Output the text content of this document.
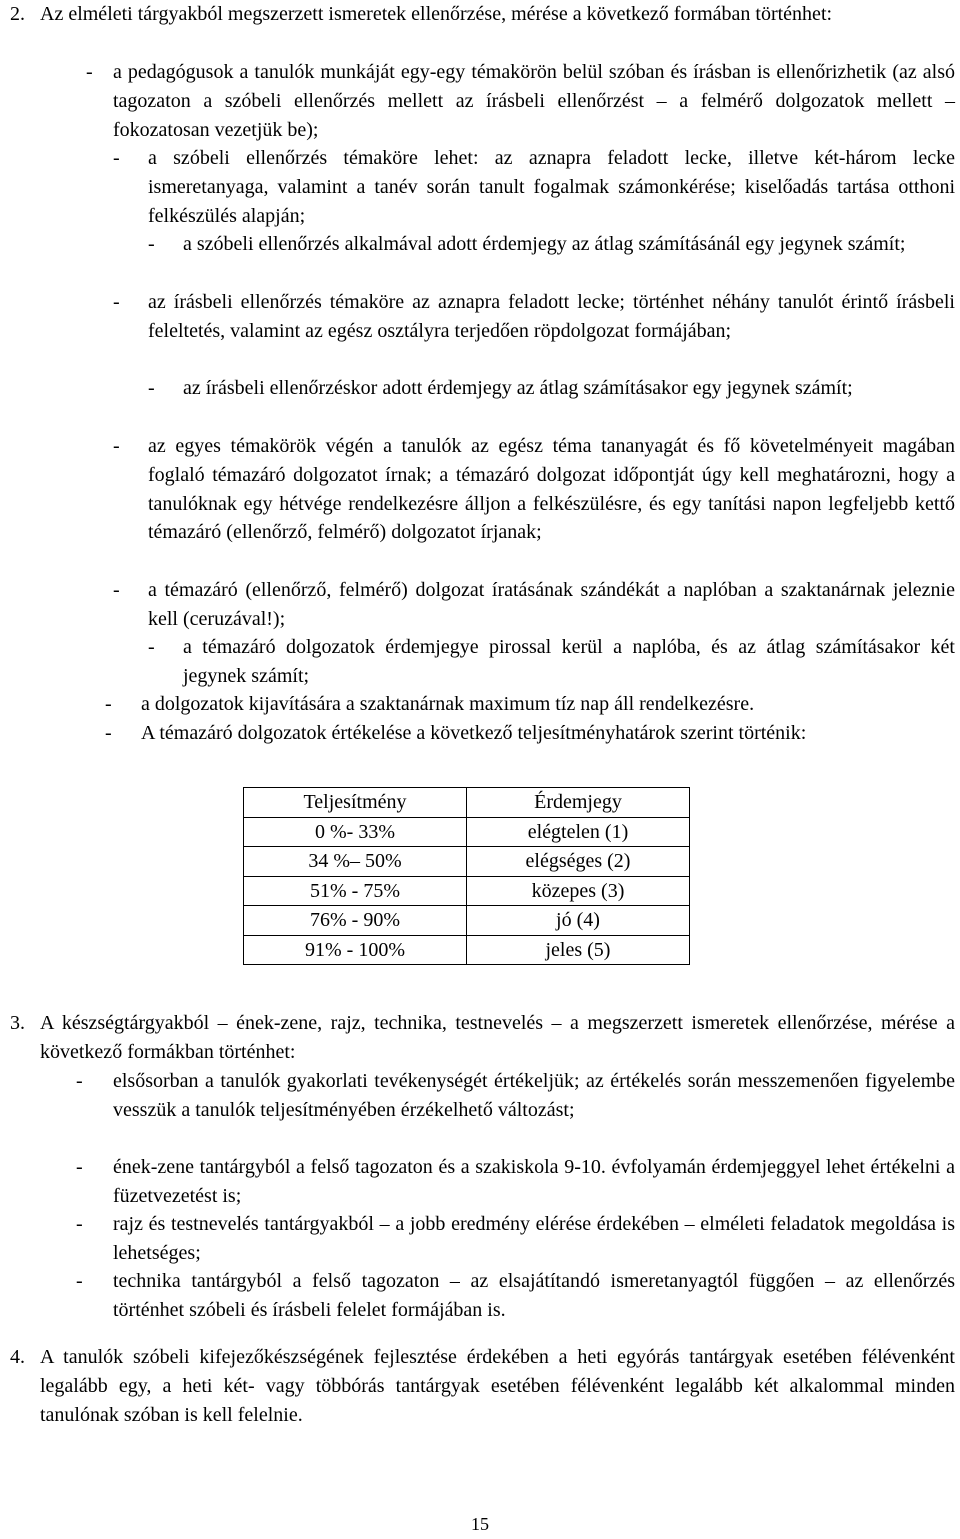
2. Az elméleti tárgyakból megszerzett ismeretek ellenőrzése, mérése a következő formában történhet:

- a pedagógusok a tanulók munkáját egy-egy témakörön belül szóban és írásban is ellenőrizhetik (az alsó tagozaton a szóbeli ellenőrzés mellett az írásbeli ellenőrzést – a felmérő dolgozatok mellett – fokozatosan vezetjük be);

- a szóbeli ellenőrzés témaköre lehet: az aznapra feladott lecke, illetve két-három lecke ismeretanyaga, valamint a tanév során tanult fogalmak számonkérése; kiselőadás tartása otthoni felkészülés alapján;

- a szóbeli ellenőrzés alkalmával adott érdemjegy az átlag számításánál egy jegynek számít;

- az írásbeli ellenőrzés témaköre az aznapra feladott lecke; történhet néhány tanulót érintő írásbeli feleltetés, valamint az egész osztályra terjedően röpdolgozat formájában;

- az írásbeli ellenőrzéskor adott érdemjegy az átlag számításakor egy jegynek számít;

- az egyes témakörök végén a tanulók az egész téma tananyagát és fő követelményeit magában foglaló témazáró dolgozatot írnak; a témazáró dolgozat időpontját úgy kell meghatározni, hogy a tanulóknak egy hétvége rendelkezésre álljon a felkészülésre, és egy tanítási napon legfeljebb kettő témazáró (ellenőrző, felmérő) dolgozatot írjanak;

- a témazáró (ellenőrző, felmérő) dolgozat íratásának szándékát a naplóban a szaktanárnak jeleznie kell (ceruzával!);

- a témazáró dolgozatok érdemjegye pirossal kerül a naplóba, és az átlag számításakor két jegynek számít;

- a dolgozatok kijavítására a szaktanárnak maximum tíz nap áll rendelkezésre.

- A témazáró dolgozatok értékelése a következő teljesítményhatárok szerint történik:

Teljesítmény	Érdemjegy
0 %- 33%	elégtelen (1)
34 %– 50%	elégséges (2)
51% - 75%	közepes (3)
76% - 90%	jó (4)
91% - 100%	jeles (5)
3. A készségtárgyakból – ének-zene, rajz, technika, testnevelés – a megszerzett ismeretek ellenőrzése, mérése a következő formákban történhet:

- elsősorban a tanulók gyakorlati tevékenységét értékeljük; az értékelés során messzemenően figyelembe vesszük a tanulók teljesítményében érzékelhető változást;

- ének-zene tantárgyból a felső tagozaton és a szakiskola 9-10. évfolyamán érdemjeggyel lehet értékelni a füzetvezetést is;

- rajz és testnevelés tantárgyakból – a jobb eredmény elérése érdekében – elméleti feladatok megoldása is lehetséges;

- technika tantárgyból a felső tagozaton – az elsajátítandó ismeretanyagtól függően – az ellenőrzés történhet szóbeli és írásbeli felelet formájában is.

4. A tanulók szóbeli kifejezőkészségének fejlesztése érdekében a heti egyórás tantárgyak esetében félévenként legalább egy, a heti két- vagy többórás tantárgyak esetében félévenként legalább két alkalommal minden tanulónak szóban is kell felelnie.

15
